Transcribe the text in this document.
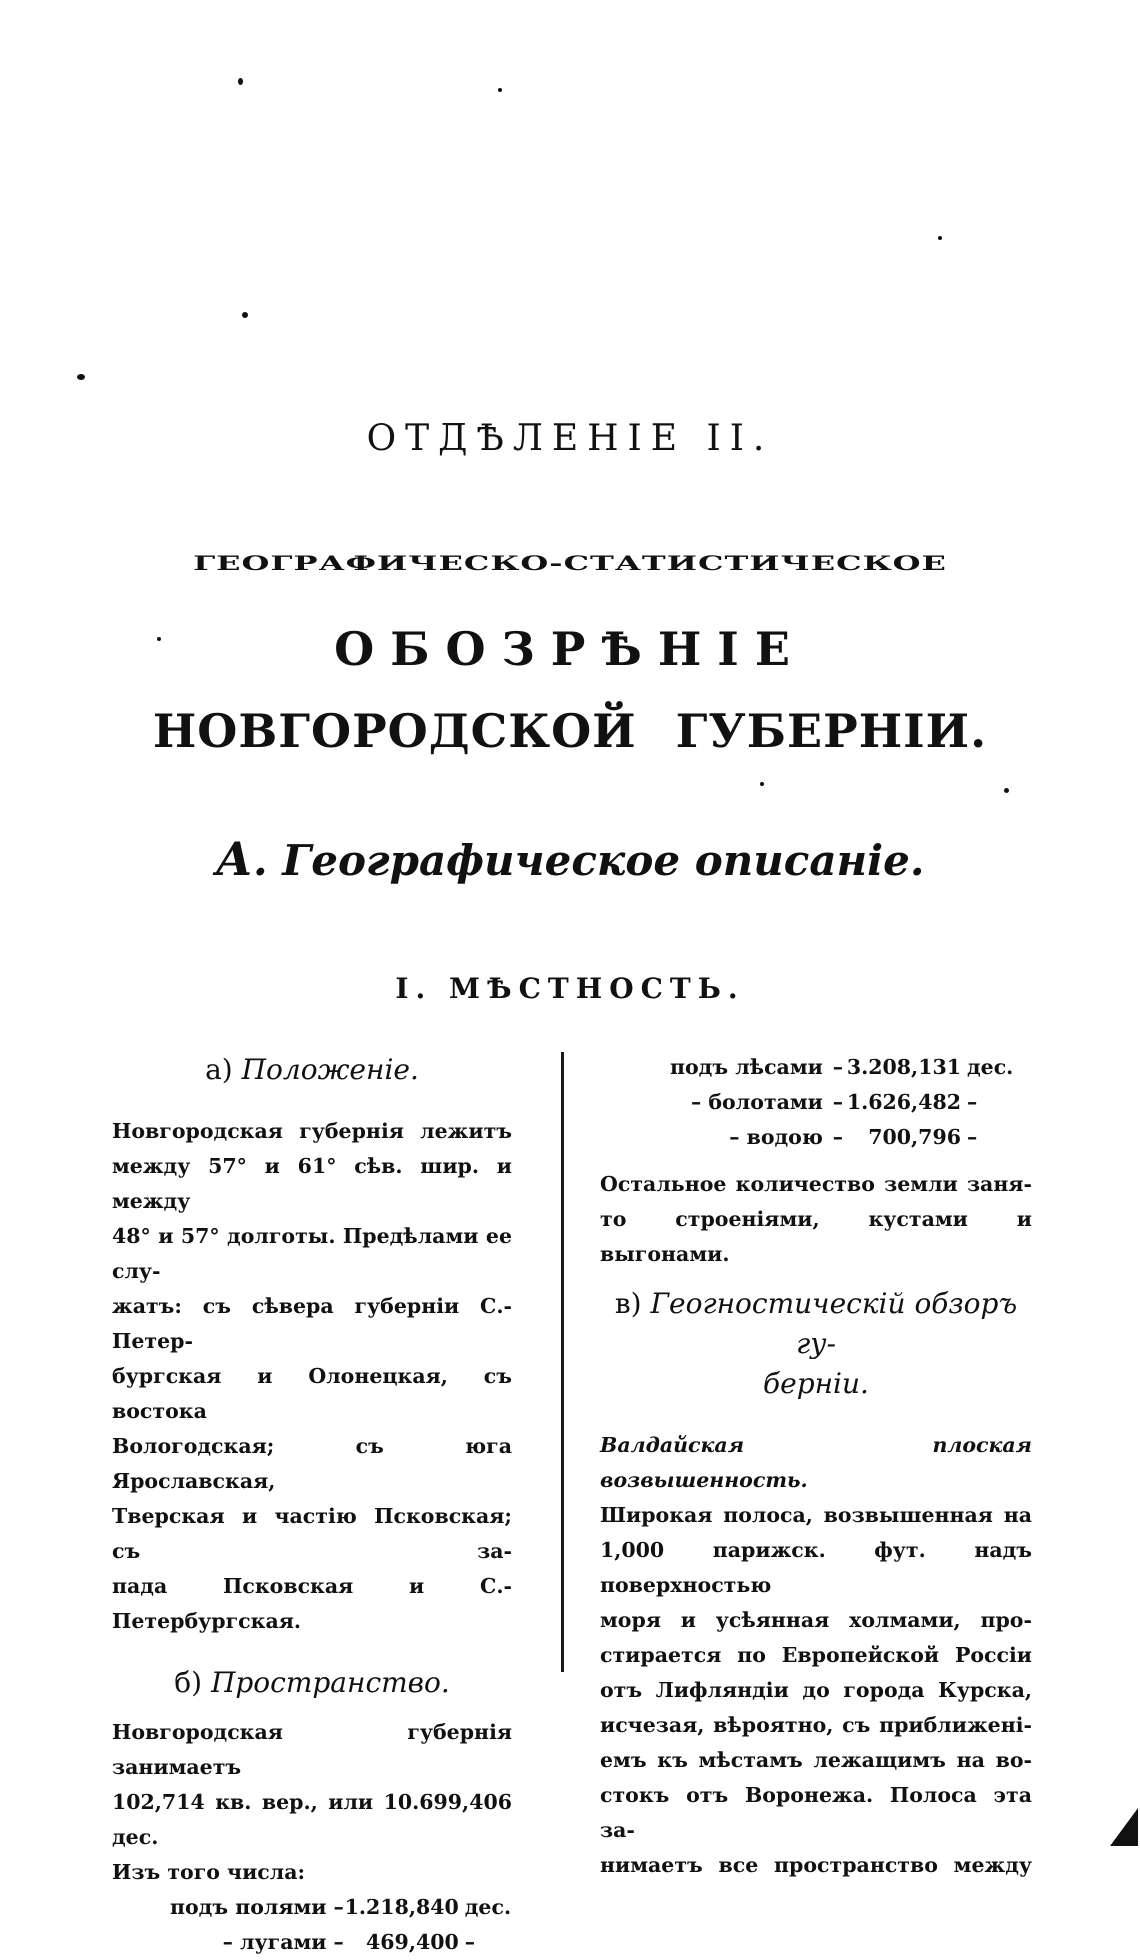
ОТДѢЛЕНІЕ II.
ГЕОГРАФИЧЕСКО-СТАТИСТИЧЕСКОЕ
ОБОЗРѢНІЕ
НОВГОРОДСКОЙ ГУБЕРНІИ.
А. Географическое описаніе.
I. МѢСТНОСТЬ.
а) Положеніе.

Новгородская губернія лежитъ

между 57° и 61° сѣв. шир. и между

48° и 57° долготы. Предѣлами ее слу-

жатъ: съ сѣвера губерніи С.-Петер-

бургская и Олонецкая, съ востока

Вологодская; съ юга Ярославская,

Тверская и частію Псковская; съ за-

пада Псковская и С.-Петербургская.

б) Пространство.

Новгородская губернія занимаетъ

102,714 кв. вер., или 10.699,406 дес.

Изъ того числа:

подъ полями	–	1.218,840	дес.
– лугами	–	469,400	–
подъ лѣсами	–	3.208,131	дес.
– болотами	–	1.626,482	–
– водою	–	700,796	–

Остальное количество земли заня-

то строеніями, кустами и выгонами.

в) Геогностическій обзоръ гу-
берніи.

Валдайская плоская возвышенность.

Широкая полоса, возвышенная на

1,000 парижск. фут. надъ поверхностью

моря и усѣянная холмами, про-

стирается по Европейской Россіи

отъ Лифляндіи до города Курска,

исчезая, вѣроятно, съ приближені-

емъ къ мѣстамъ лежащимъ на во-

стокъ отъ Воронежа. Полоса эта за-

нимаетъ все пространство между
